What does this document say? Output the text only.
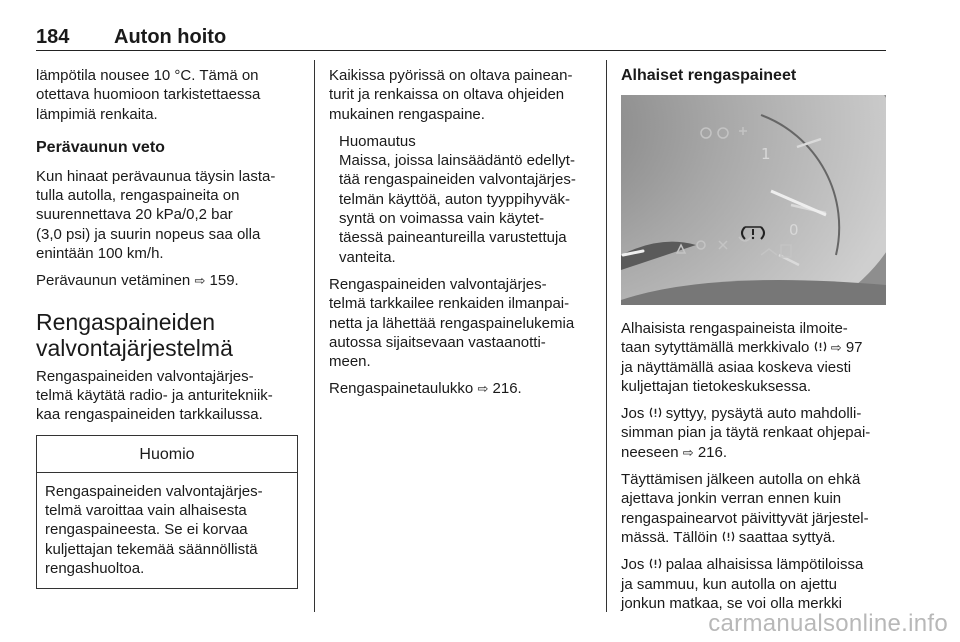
184 Auton hoito

lämpötila nousee 10 °C. Tämä on
otettava huomioon tarkistettaessa
lämpimiä renkaita.

Perävaunun veto

Kun hinaat perävaunua täysin lasta-
tulla autolla, rengaspaineita on
suurennettava 20 kPa/0,2 bar
(3,0 psi) ja suurin nopeus saa olla
enintään 100 km/h.

Perävaunun vetäminen ⇨ 159.

Rengaspaineiden
valvontajärjestelmä

Rengaspaineiden valvontajärjes-
telmä käytätä radio- ja anturitekniik-
kaa rengaspaineiden tarkkailussa.

Huomio
Rengaspaineiden valvontajärjes-
telmä varoittaa vain alhaisesta
rengaspaineesta. Se ei korvaa
kuljettajan tekemää säännöllistä
rengashuoltoa.

Kaikissa pyörissä on oltava painean-
turit ja renkaissa on oltava ohjeiden
mukainen rengaspaine.

Huomautus
Maissa, joissa lainsäädäntö edellyt-
tää rengaspaineiden valvontajärjes-
telmän käyttöä, auton tyyppihyväk-
syntä on voimassa vain käytet-
täessä paineantureilla varustettuja
vanteita.

Rengaspaineiden valvontajärjes-
telmä tarkkailee renkaiden ilmanpai-
netta ja lähettää rengaspainelukemia
autossa sijaitsevaan vastaanotti-
meen.

Rengaspainetaulukko ⇨ 216.

Alhaiset rengaspaineet
1
0

Alhaisista rengaspaineista ilmoite-
taan sytyttämällä merkkivalo ⇨ 97
ja näyttämällä asiaa koskeva viesti
kuljettajan tietokeskuksessa.

Jos syttyy, pysäytä auto mahdolli-
simman pian ja täytä renkaat ohjepai-
neeseen ⇨ 216.

Täyttämisen jälkeen autolla on ehkä
ajettava jonkin verran ennen kuin
rengaspainearvot päivittyvät järjestel-
mässä. Tällöin saattaa syttyä.

Jos palaa alhaisissa lämpötiloissa
ja sammuu, kun autolla on ajettu
jonkun matkaa, se voi olla merkki

carmanualsonline.info
